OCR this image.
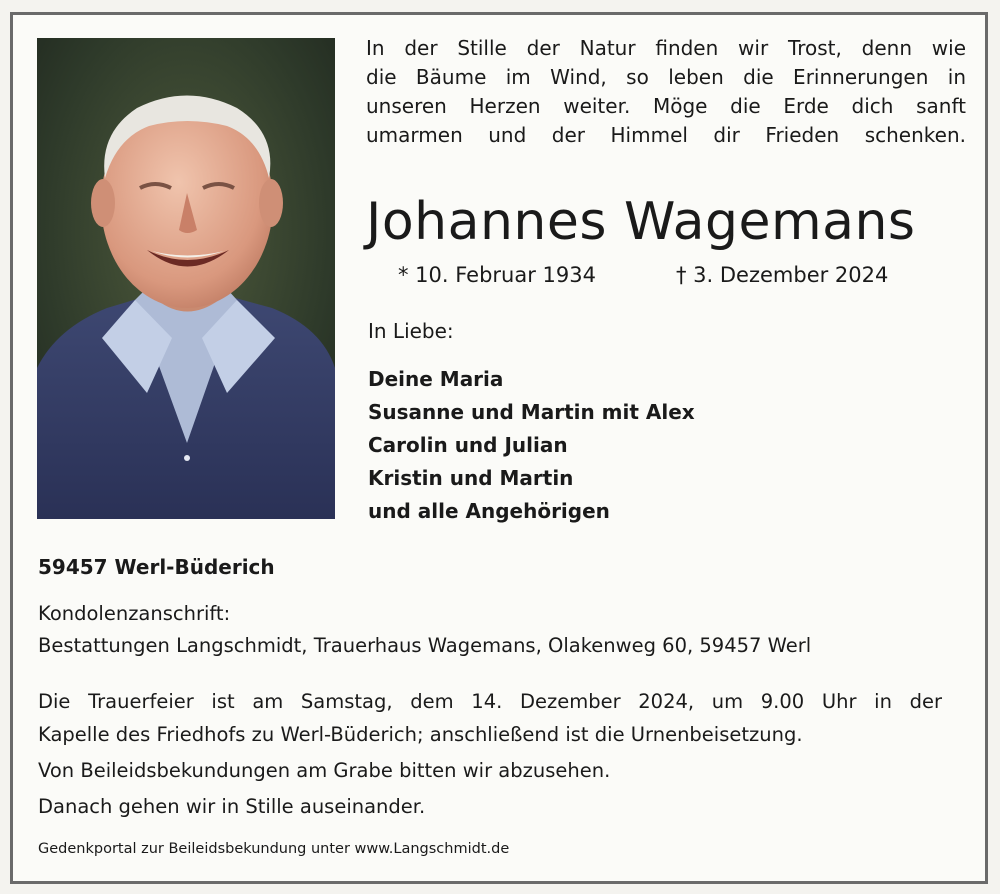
In der Stille der Natur finden wir Trost, denn wie
die Bäume im Wind, so leben die Erinnerungen in
unseren Herzen weiter. Möge die Erde dich sanft
umarmen und der Himmel dir Frieden schenken.
Johannes Wagemans
* 10. Februar 1934	† 3. Dezember 2024
In Liebe:
Deine Maria
Susanne und Martin mit Alex
Carolin und Julian
Kristin und Martin
und alle Angehörigen
59457 Werl-Büderich
Kondolenzanschrift:
Bestattungen Langschmidt, Trauerhaus Wagemans, Olakenweg 60, 59457 Werl
Die Trauerfeier ist am Samstag, dem 14. Dezember 2024, um 9.00 Uhr in der
Kapelle des Friedhofs zu Werl-Büderich; anschließend ist die Urnenbeisetzung.
Von Beileidsbekundungen am Grabe bitten wir abzusehen.
Danach gehen wir in Stille auseinander.
Gedenkportal zur Beileidsbekundung unter www.Langschmidt.de
